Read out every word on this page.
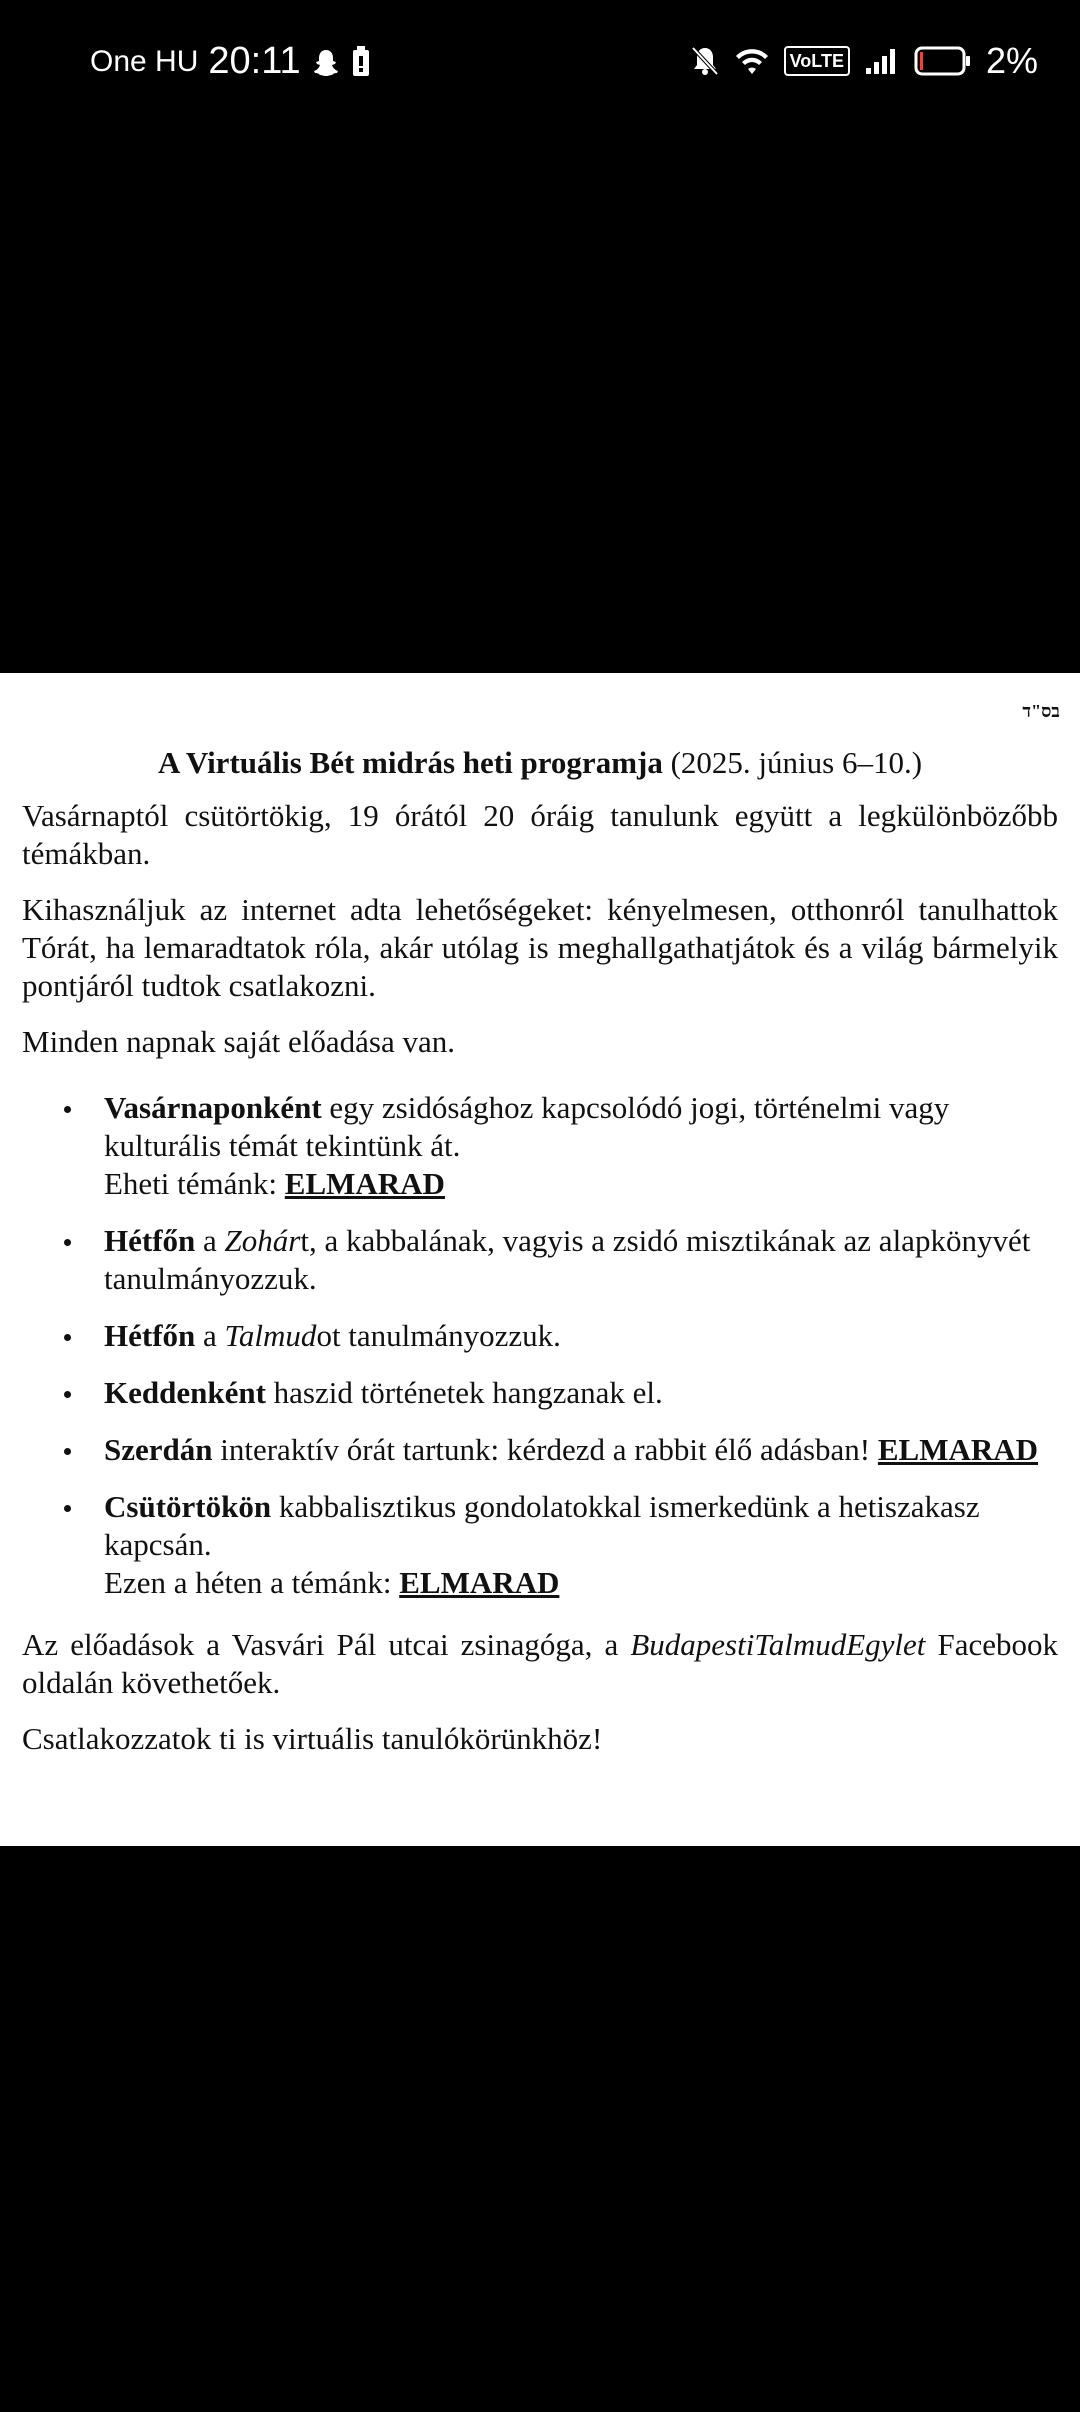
One HU 20:11	VoLTE	2%
בס"ד
A Virtuális Bét midrás heti programja (2025. június 6–10.)

Vasárnaptól csütörtökig, 19 órától 20 óráig tanulunk együtt a legkülönbözőbb témákban.

Kihasználjuk az internet adta lehetőségeket: kényelmesen, otthonról tanulhattok Tórát, ha lemaradtatok róla, akár utólag is meghallgathatjátok és a világ bármelyik pontjáról tudtok csatlakozni.

Minden napnak saját előadása van.

Vasárnaponként egy zsidósághoz kapcsolódó jogi, történelmi vagy kulturális témát tekintünk át.
Eheti témánk: ELMARAD
Hétfőn a Zohárt, a kabbalának, vagyis a zsidó misztikának az alapkönyvét tanulmányozzuk.
Hétfőn a Talmudot tanulmányozzuk.
Keddenként haszid történetek hangzanak el.
Szerdán interaktív órát tartunk: kérdezd a rabbit élő adásban! ELMARAD
Csütörtökön kabbalisztikus gondolatokkal ismerkedünk a hetiszakasz kapcsán.
Ezen a héten a témánk: ELMARAD

Az előadások a Vasvári Pál utcai zsinagóga, a BudapestiTalmudEgylet Facebook oldalán követhetőek.

Csatlakozzatok ti is virtuális tanulókörünkhöz!
